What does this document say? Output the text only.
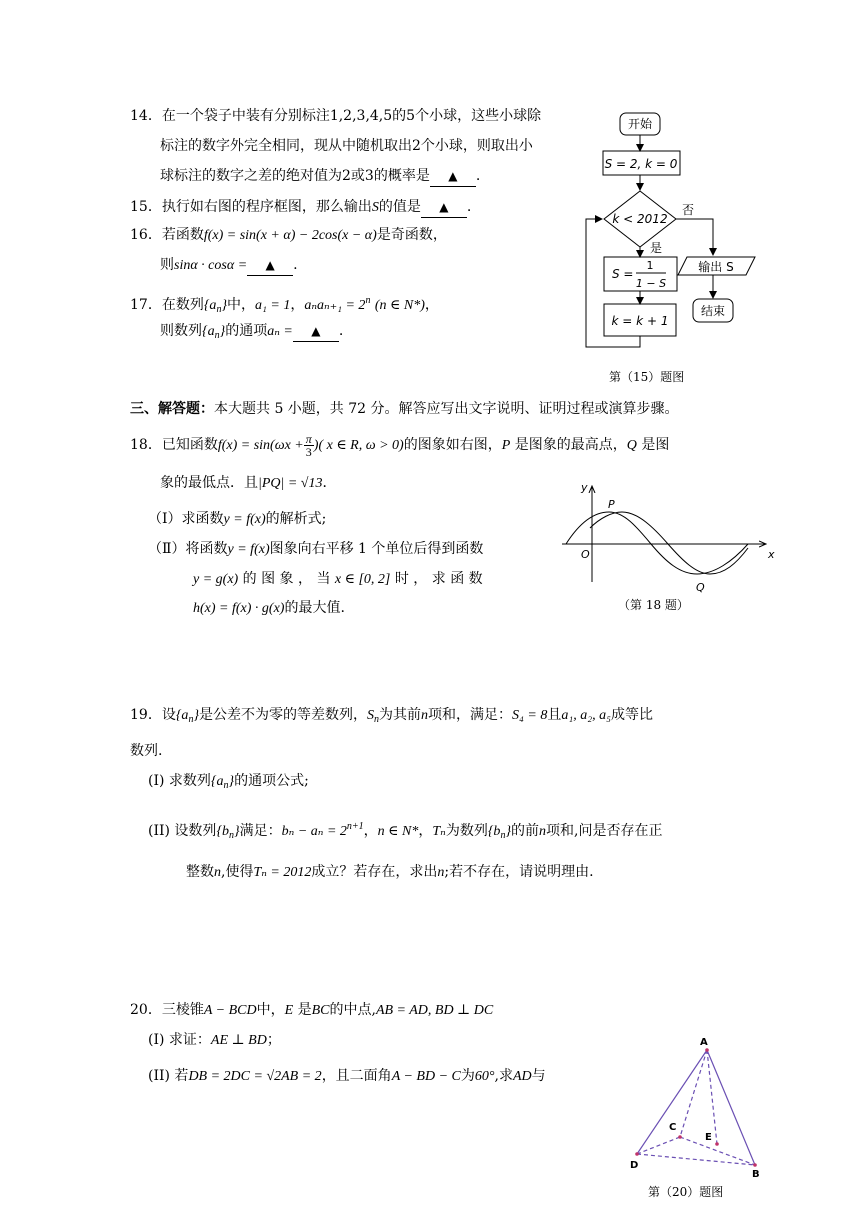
14．在一个袋子中装有分别标注1,2,3,4,5的5个小球，这些小球除
标注的数字外完全相同，现从中随机取出2个小球，则取出小
球标注的数字之差的绝对值为2或3的概率是 ▲ .
15．执行如右图的程序框图，那么输出S的值是 ▲ .
16．若函数f(x) = sin(x + α) − 2cos(x − α)是奇函数，
则sinα · cosα = ▲ .
17．在数列$\{a_n\}$中，a₁ = 1，$a_na_{n+1} = 2^n$ (n ∈ N*)，
则数列$\{a_n\}$的通项aₙ = ▲ .
开始
S = 2, k = 0
k < 2012
否
是
S =
1
1 − S
输出 S
k = k + 1
结束
第（15）题图
三、解答题：本大题共 5 小题，共 72 分。解答应写出文字说明、证明过程或演算步骤。
18．已知函数$f(x) = \sin(\omega x + \frac{\pi}{3}$ )( x ∈ R, ω > 0)的图象如右图，P 是图象的最高点，Q 是图
象的最低点．且|PQ| = √13．
（Ⅰ）求函数y = f(x)的解析式;
（Ⅱ）将函数y = f(x)图象向右平移 1 个单位后得到函数
y = g(x) 的 图 象 ， 当 x ∈ [0, 2] 时 ， 求 函 数
h(x) = f(x) · g(x)的最大值.
y
x
O
P
Q
（第 18 题）
19．设$\{a_n\}$是公差不为零的等差数列，$S_n$为其前n项和，满足：S₄ = 8且a₁, a₂, a₅成等比
数列.
(I) 求数列$\{a_n\}$的通项公式;
(II) 设数列$\{b_n\}$满足：$b_n - a_n = 2^{n+1}$，n ∈ N*，Tₙ为数列$\{b_n\}$的前n项和,问是否存在正
整数n,使得Tₙ = 2012成立？若存在，求出n;若不存在，请说明理由.
20．三棱锥A − BCD中，E 是BC的中点,AB = AD, BD ⊥ DC
(I) 求证：AE ⊥ BD；
(II) 若DB = 2DC = √2AB = 2，且二面角A − BD − C为60°,求AD与
A
D
B
C
E
第（20）题图
